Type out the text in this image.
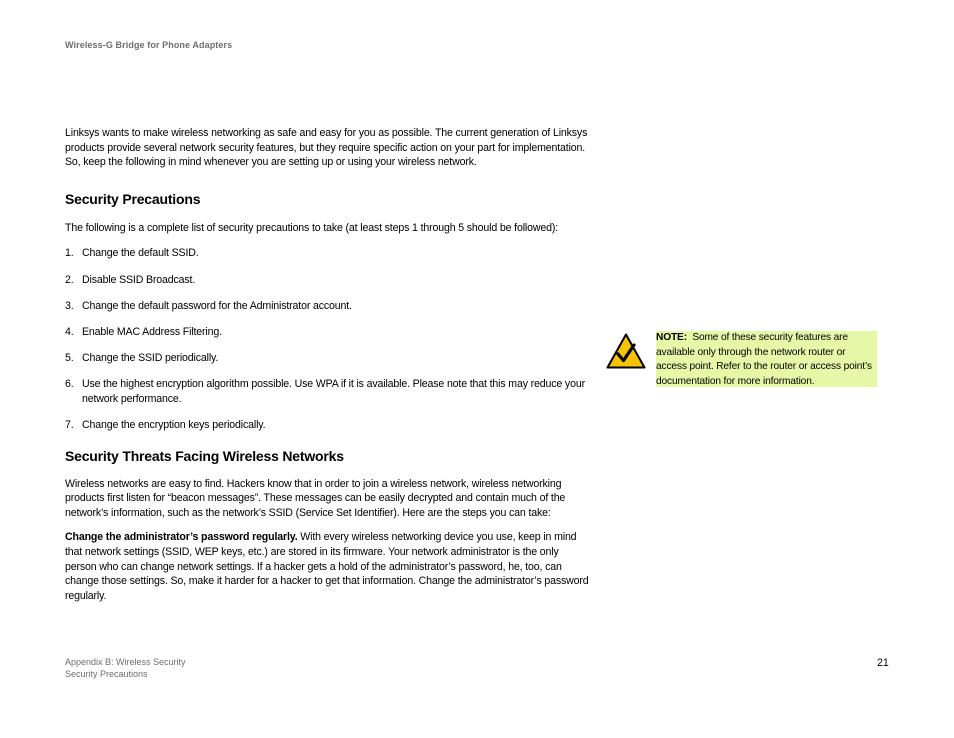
Wireless-G Bridge for Phone Adapters

Linksys wants to make wireless networking as safe and easy for you as possible. The current generation of Linksys products provide several network security features, but they require specific action on your part for implementation. So, keep the following in mind whenever you are setting up or using your wireless network.

Security Precautions

The following is a complete list of security precautions to take (at least steps 1 through 5 should be followed):

1. Change the default SSID.
2. Disable SSID Broadcast.
3. Change the default password for the Administrator account.
4. Enable MAC Address Filtering.
5. Change the SSID periodically.
6. Use the highest encryption algorithm possible. Use WPA if it is available. Please note that this may reduce your network performance.
7. Change the encryption keys periodically.
Security Threats Facing Wireless Networks

Wireless networks are easy to find. Hackers know that in order to join a wireless network, wireless networking products first listen for “beacon messages”. These messages can be easily decrypted and contain much of the network’s information, such as the network’s SSID (Service Set Identifier). Here are the steps you can take:

Change the administrator’s password regularly. With every wireless networking device you use, keep in mind that network settings (SSID, WEP keys, etc.) are stored in its firmware. Your network administrator is the only person who can change network settings. If a hacker gets a hold of the administrator’s password, he, too, can change those settings. So, make it harder for a hacker to get that information. Change the administrator’s password regularly.

NOTE:  Some of these security features are available only through the network router or access point. Refer to the router or access point’s documentation for more information.
Appendix B: Wireless Security
Security Precautions
21
